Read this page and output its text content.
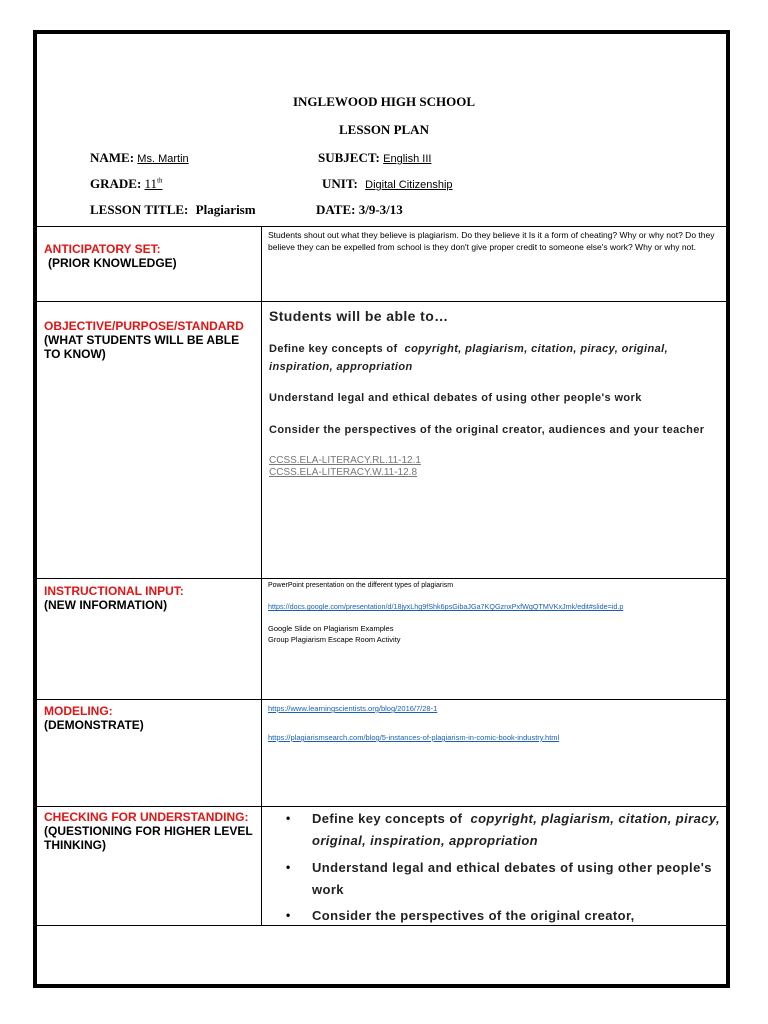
INGLEWOOD HIGH SCHOOL
LESSON PLAN
NAME: Ms. Martin	SUBJECT: English III
GRADE: 11th	UNIT: Digital Citizenship
LESSON TITLE: Plagiarism	DATE: 3/9-3/13
ANTICIPATORY SET:
(PRIOR KNOWLEDGE)
Students shout out what they believe is plagiarism. Do they believe it Is it a form of cheating? Why or why not? Do they believe they can be expelled from school is they don't give proper credit to someone else's work? Why or why not.
OBJECTIVE/PURPOSE/STANDARD
(WHAT STUDENTS WILL BE ABLE TO KNOW)
Students will be able to…
Define key concepts of copyright, plagiarism, citation, piracy, original, inspiration, appropriation
Understand legal and ethical debates of using other people's work
Consider the perspectives of the original creator, audiences and your teacher
CCSS.ELA-LITERACY.RL.11-12.1
CCSS.ELA-LITERACY.W.11-12.8
INSTRUCTIONAL INPUT:
(NEW INFORMATION)
PowerPoint presentation on the different types of plagiarism
https://docs.google.com/presentation/d/18jyxLhg9fShk6psGibaJGa7KQGznxPxfWgQTMVKxJmk/edit#slide=id.p
Google Slide on Plagiarism Examples
Group Plagiarism Escape Room Activity
MODELING:
(DEMONSTRATE)
https://www.learningscientists.org/blog/2016/7/28-1
https://plagiarismsearch.com/blog/5-instances-of-plagiarism-in-comic-book-industry.html
CHECKING FOR UNDERSTANDING:
(QUESTIONING FOR HIGHER LEVEL THINKING)
• Define key concepts of copyright, plagiarism, citation, piracy, original, inspiration, appropriation
• Understand legal and ethical debates of using other people's work
• Consider the perspectives of the original creator,
